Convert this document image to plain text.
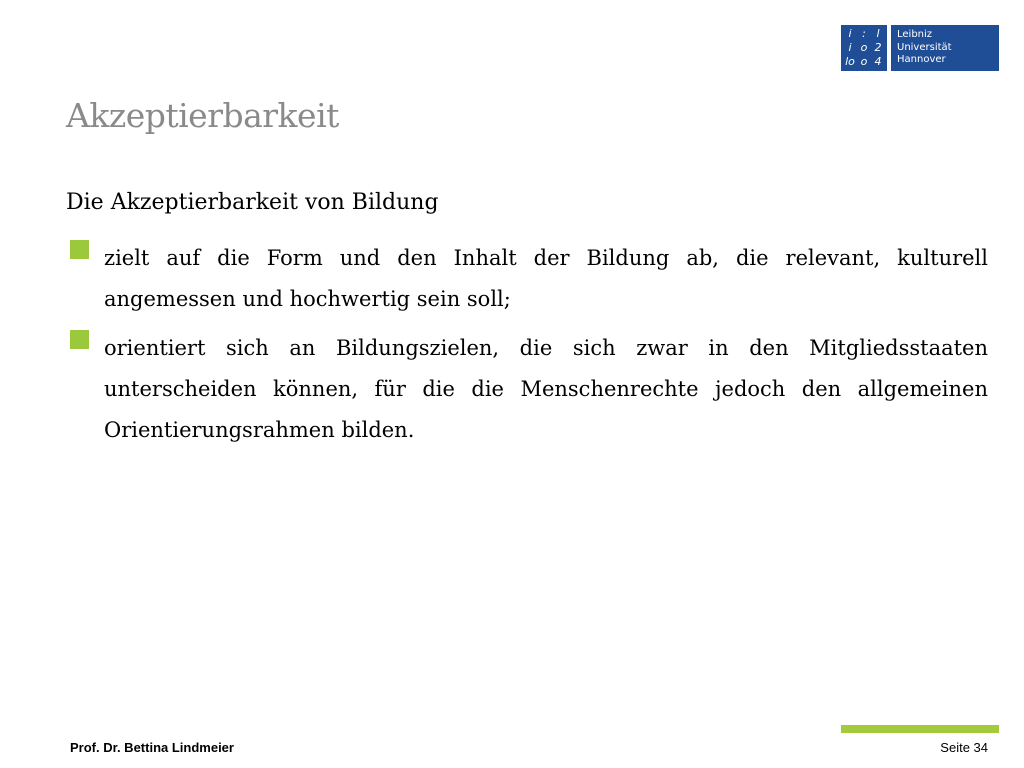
i : l
i o 2
lo o 4
Leibniz
Universität
Hannover
Akzeptierbarkeit

Die Akzeptierbarkeit von Bildung

zielt auf die Form und den Inhalt der Bildung ab, die relevant, kulturell angemessen und hochwertig sein soll;
orientiert sich an Bildungszielen, die sich zwar in den Mitgliedsstaaten unterscheiden können, für die die Menschenrechte jedoch den allgemeinen Orientierungsrahmen bilden.
Prof. Dr. Bettina Lindmeier	Seite 34
